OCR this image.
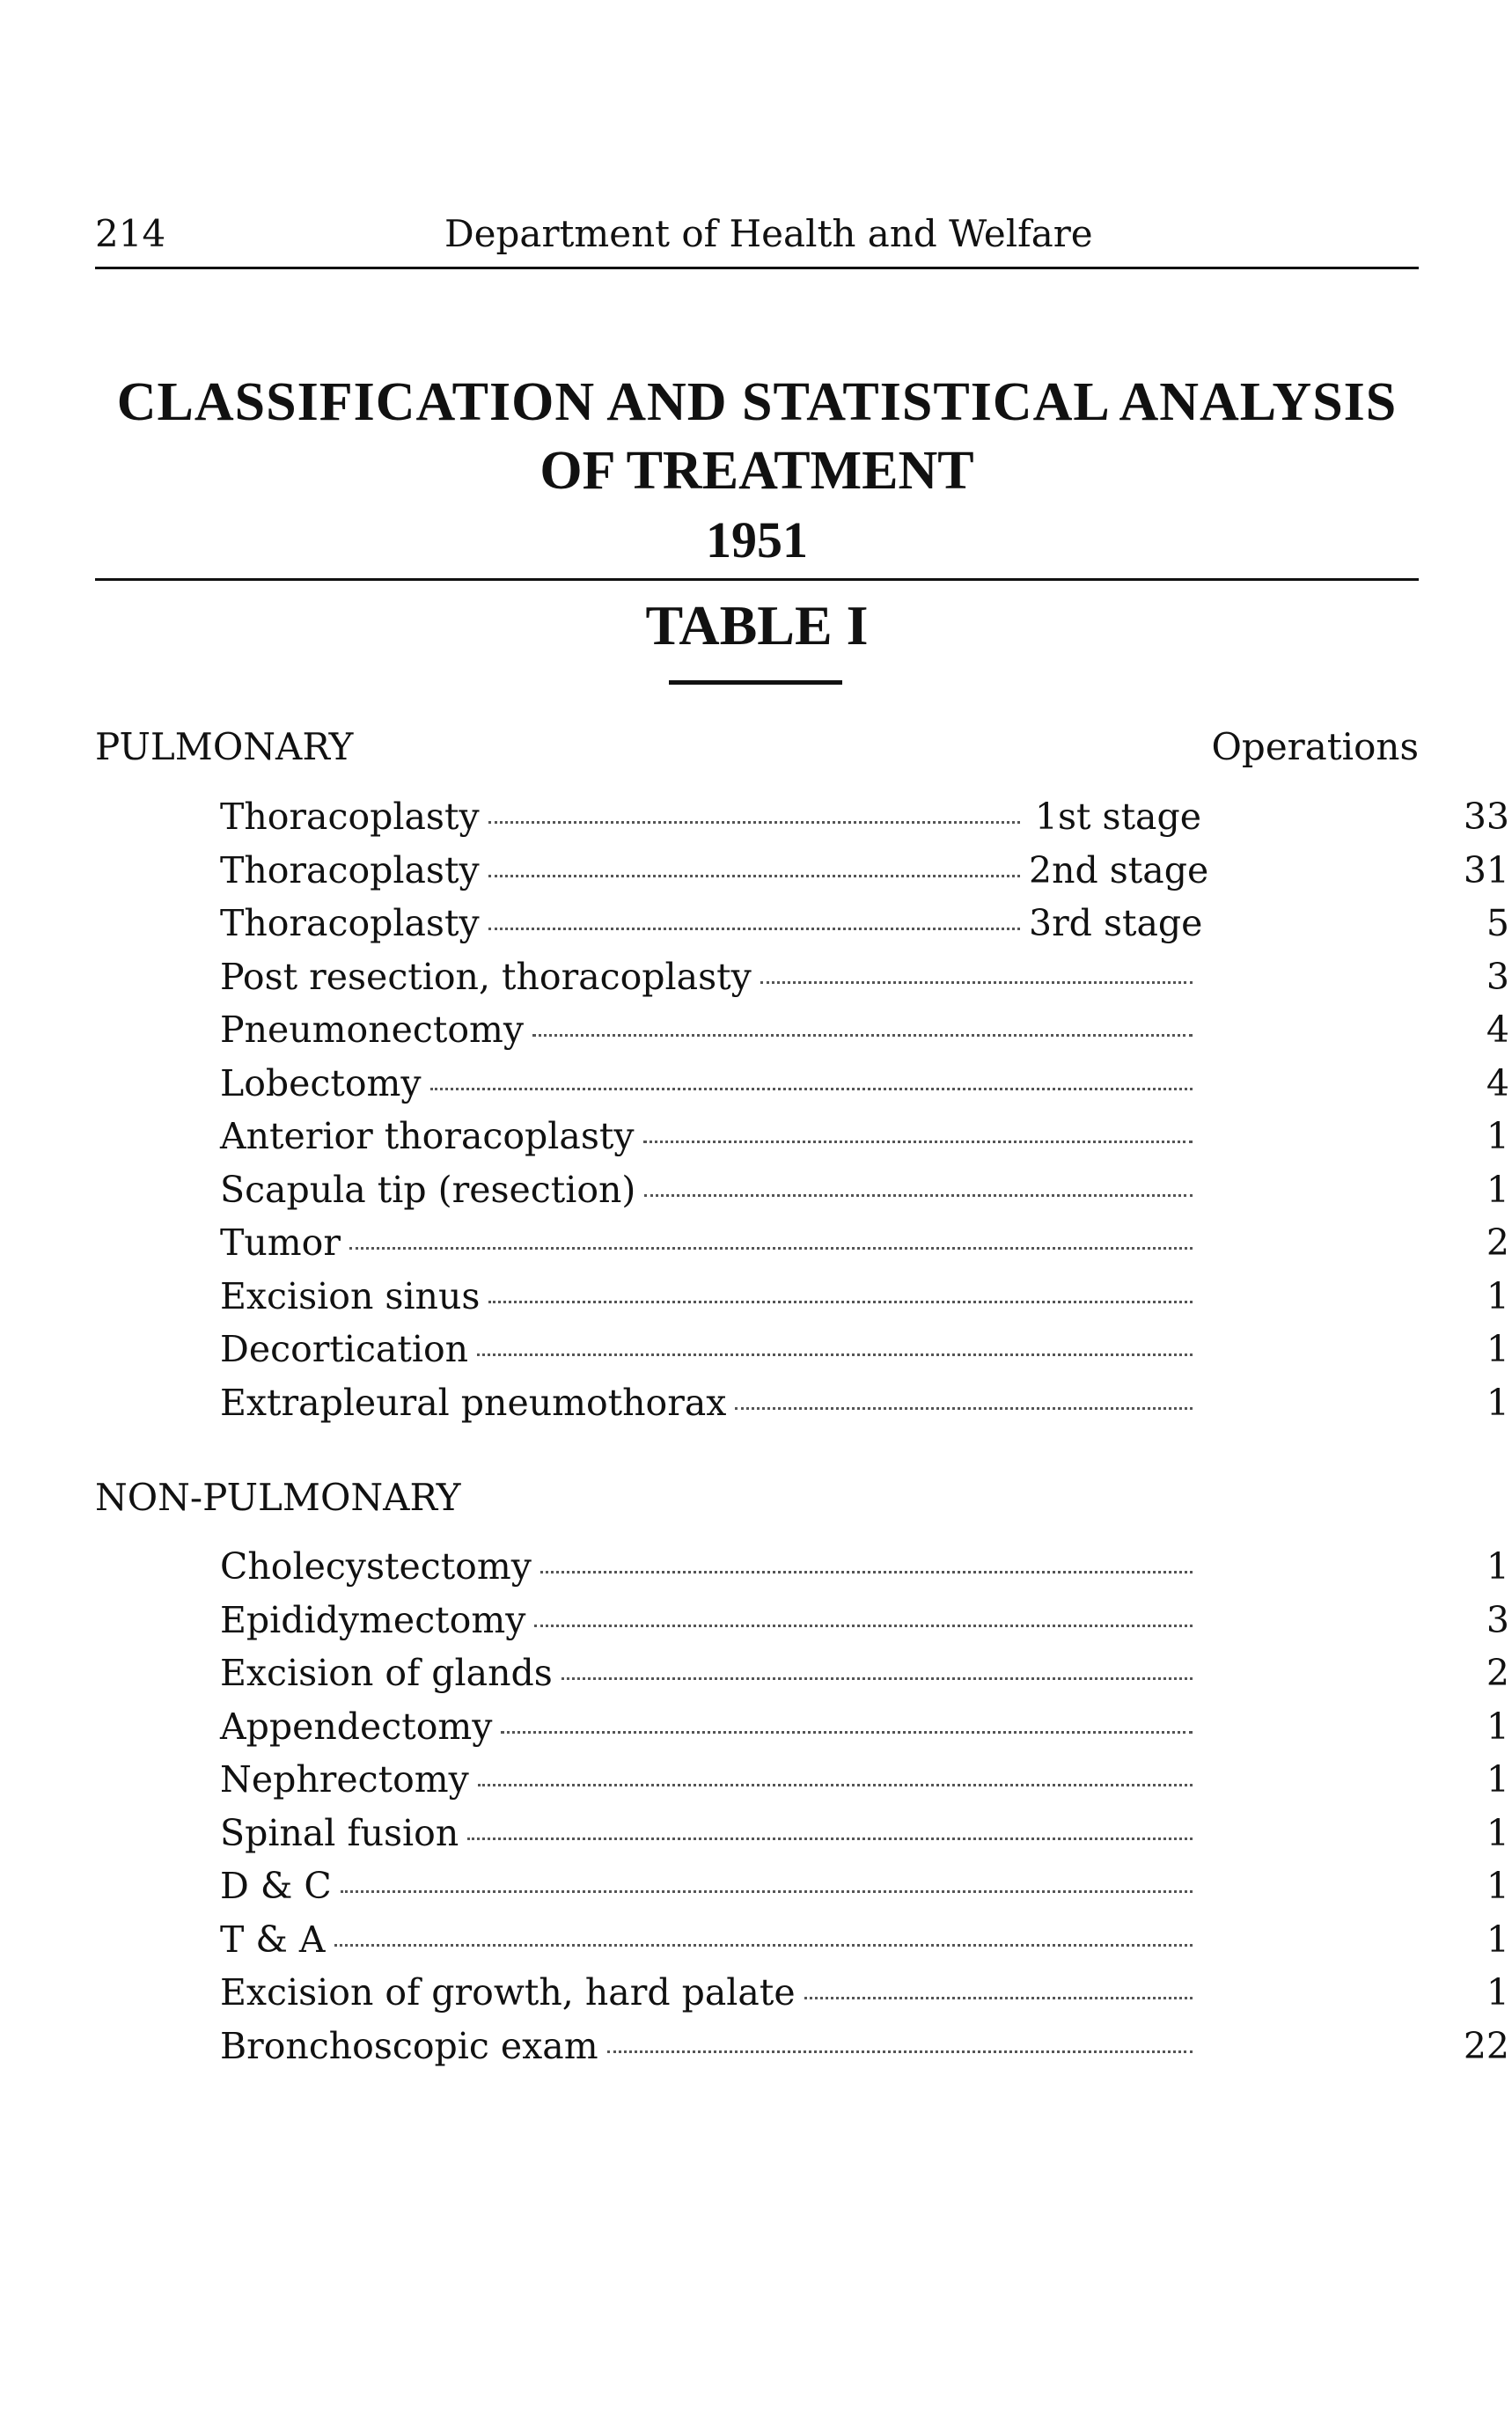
214	Department of Health and Welfare
CLASSIFICATION AND STATISTICAL ANALYSIS
OF TREATMENT
1951
TABLE I
PULMONARY	Operations
Thoracoplasty	1st stage	33
Thoracoplasty	2nd stage	31
Thoracoplasty	3rd stage	5
Post resection, thoracoplasty	3
Pneumonectomy	4
Lobectomy	4
Anterior thoracoplasty	1
Scapula tip (resection)	1
Tumor	2
Excision sinus	1
Decortication	1
Extrapleural pneumothorax	1
NON-PULMONARY
Cholecystectomy	1
Epididymectomy	3
Excision of glands	2
Appendectomy	1
Nephrectomy	1
Spinal fusion	1
D & C	1
T & A	1
Excision of growth, hard palate	1
Bronchoscopic exam	22
